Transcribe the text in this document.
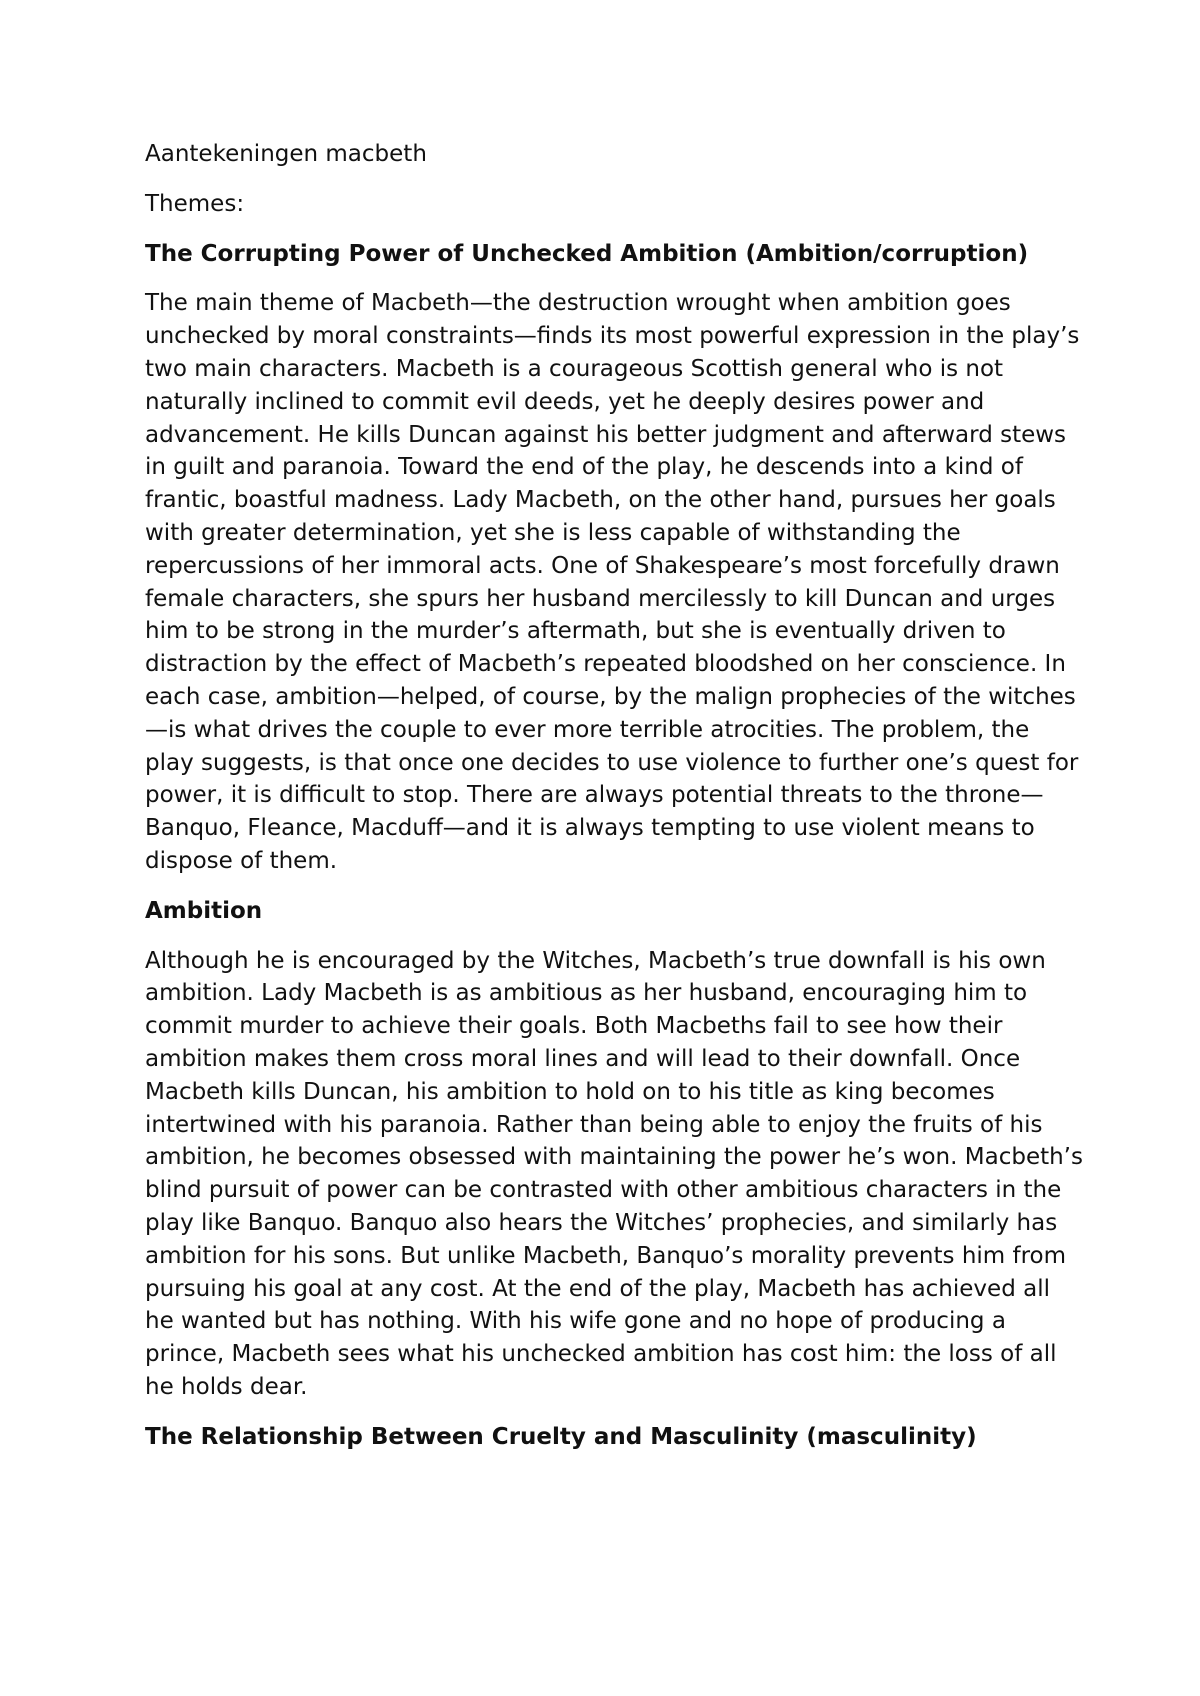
Aantekeningen macbeth

Themes:

The Corrupting Power of Unchecked Ambition (Ambition/corruption)

The main theme of Macbeth—the destruction wrought when ambition goes unchecked by moral constraints—finds its most powerful expression in the play’s two main characters. Macbeth is a courageous Scottish general who is not naturally inclined to commit evil deeds, yet he deeply desires power and advancement. He kills Duncan against his better judgment and afterward stews in guilt and paranoia. Toward the end of the play, he descends into a kind of frantic, boastful madness. Lady Macbeth, on the other hand, pursues her goals with greater determination, yet she is less capable of withstanding the repercussions of her immoral acts. One of Shakespeare’s most forcefully drawn female characters, she spurs her husband mercilessly to kill Duncan and urges him to be strong in the murder’s aftermath, but she is eventually driven to distraction by the effect of Macbeth’s repeated bloodshed on her conscience. In each case, ambition—helped, of course, by the malign prophecies of the witches—is what drives the couple to ever more terrible atrocities. The problem, the play suggests, is that once one decides to use violence to further one’s quest for power, it is difficult to stop. There are always potential threats to the throne—Banquo, Fleance, Macduff—and it is always tempting to use violent means to dispose of them.

Ambition

Although he is encouraged by the Witches, Macbeth’s true downfall is his own ambition. Lady Macbeth is as ambitious as her husband, encouraging him to commit murder to achieve their goals. Both Macbeths fail to see how their ambition makes them cross moral lines and will lead to their downfall. Once Macbeth kills Duncan, his ambition to hold on to his title as king becomes intertwined with his paranoia. Rather than being able to enjoy the fruits of his ambition, he becomes obsessed with maintaining the power he’s won. Macbeth’s blind pursuit of power can be contrasted with other ambitious characters in the play like Banquo. Banquo also hears the Witches’ prophecies, and similarly has ambition for his sons. But unlike Macbeth, Banquo’s morality prevents him from pursuing his goal at any cost. At the end of the play, Macbeth has achieved all he wanted but has nothing. With his wife gone and no hope of producing a prince, Macbeth sees what his unchecked ambition has cost him: the loss of all he holds dear.

The Relationship Between Cruelty and Masculinity (masculinity)
